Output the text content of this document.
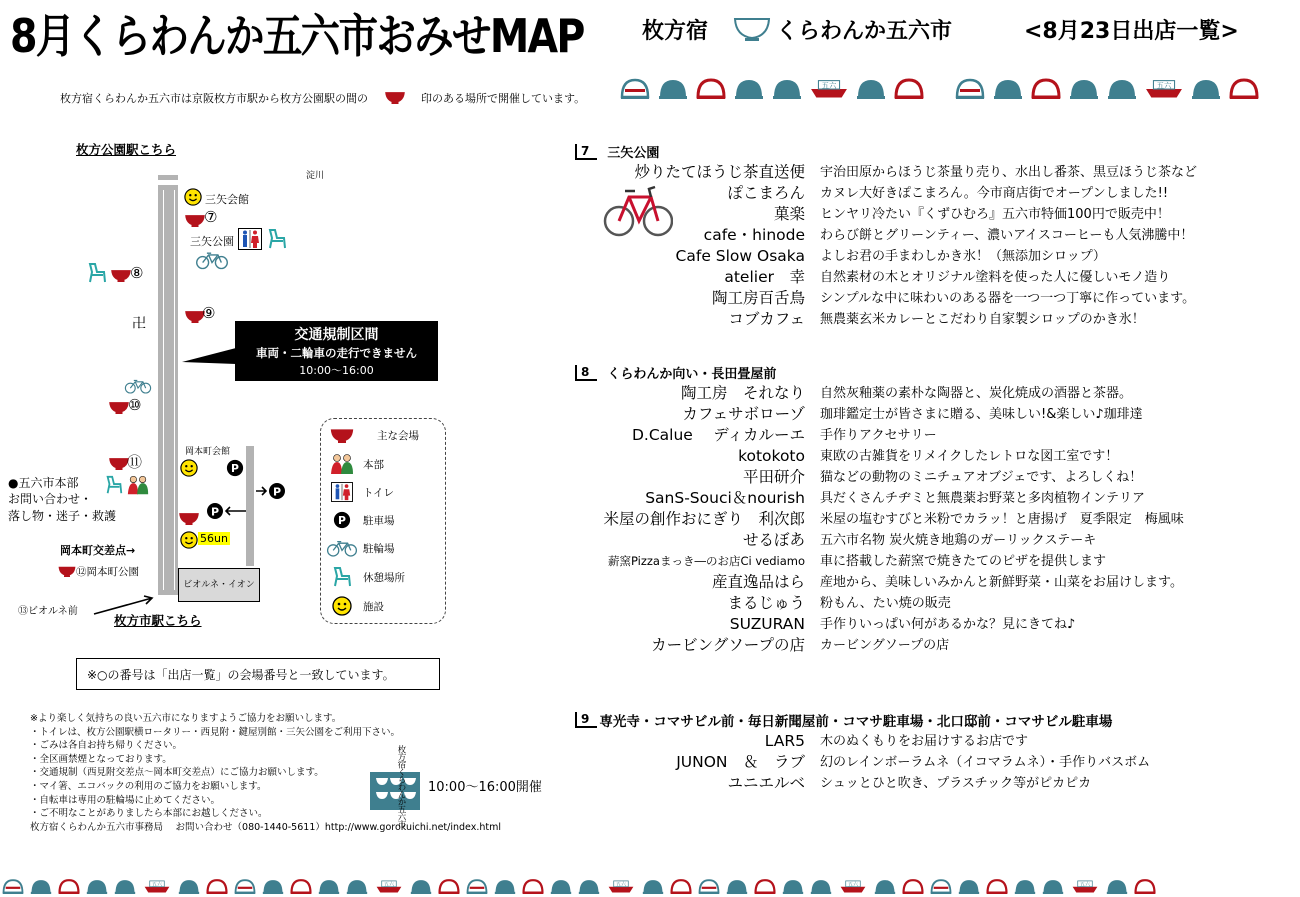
8月くらわんか五六市おみせMAP	枚方宿	くらわんか五六市	<8月23日出店一覧>
枚方宿くらわんか五六市は京阪枚方市駅から枚方公園駅の間の	印のある場所で開催しています。
枚方公園駅こちら
淀川
三矢会館
⑦
三矢公園
⑧
⑨
卍
交通規制区間
車両・二輪車の走行できません
10:00～16:00
⑩
岡本町会館
⑪
●五六市本部
お問い合わせ・
落し物・迷子・救護
P
P
56un
岡本町交差点→
⑫岡本町公園
ビオルネ・イオン
⑬ビオルネ前
枚方市駅こちら
主な会場
本部
トイレ
駐車場
駐輪場
休憩場所
施設
※○の番号は「出店一覧」の会場番号と一致しています。
※より楽しく気持ちの良い五六市になりますようご協力をお願いします。
・トイレは、枚方公園駅横ロータリー・西見附・鍵屋別館・三矢公園をご利用下さい。
・ごみは各自お持ち帰りください。
・全区画禁煙となっております。
・交通規制（西見附交差点～岡本町交差点）にご協力お願いします。
・マイ箸、エコバックの利用のご協力をお願いします。
・自転車は専用の駐輪場に止めてください。
・ご不明なことがありましたら本部にお越しください。
枚方宿くらわんか五六市事務局　 お問い合わせ（080-1440-5611）http://www.gorokuichi.net/index.html
枚方宿くらわんか五六市 10:00～16:00開催
7	三矢公園
炒りたてほうじ茶直送便 宇治田原からほうじ茶量り売り、水出し番茶、黒豆ほうじ茶など
ぽこまろん カヌレ大好きぽこまろん。今市商店街でオープンしました!!
菓楽 ヒンヤリ冷たい『くずひむろ』五六市特価100円で販売中！
cafe・hinode わらび餅とグリーンティー、濃いアイスコーヒーも人気沸騰中！
Cafe Slow Osaka よしお君の手まわしかき氷！（無添加シロップ）
atelier　幸 自然素材の木とオリジナル塗料を使った人に優しいモノ造り
陶工房百舌鳥 シンプルな中に味わいのある器を一つ一つ丁寧に作っています。
コブカフェ 無農薬玄米カレーとこだわり自家製シロップのかき氷！
8	くらわんか向い・長田畳屋前
陶工房　それなり 自然灰釉薬の素朴な陶器と、炭化焼成の酒器と茶器。
カフェサボローゾ 珈琲鑑定士が皆さまに贈る、美味しい!&楽しい♪珈琲達
D.Calue　 ディカルーエ 手作りアクセサリー
kotokoto 東欧の古雑貨をリメイクしたレトロな図工室です！
平田研介 猫などの動物のミニチュアオブジェです、よろしくね！
SanS-Souci＆nourish 具だくさんチヂミと無農薬お野菜と多肉植物インテリア
米屋の創作おにぎり　利次郎 米屋の塩むすびと米粉でカラッ！と唐揚げ　夏季限定　梅風味
せるぼあ 五六市名物 炭火焼き地鶏のガーリックステーキ
薪窯Pizzaまっき―のお店Ci vediamo 車に搭載した薪窯で焼きたてのピザを提供します
産直逸品はら 産地から、美味しいみかんと新鮮野菜・山菜をお届けします。
まるじゅう 粉もん、たい焼の販売
SUZURAN 手作りいっぱい何があるかな？見にきてね♪
カービングソープの店 カービングソープの店
9 専光寺・コマサビル前・毎日新聞屋前・コマサ駐車場・北口邸前・コマサビル駐車場
LAR5 木のぬくもりをお届けするお店です
JUNON　＆　ラブ 幻のレインボーラムネ（イコマラムネ）・手作りバスボム
ユニエルベ シュッとひと吹き、プラスチック等がピカピカ
